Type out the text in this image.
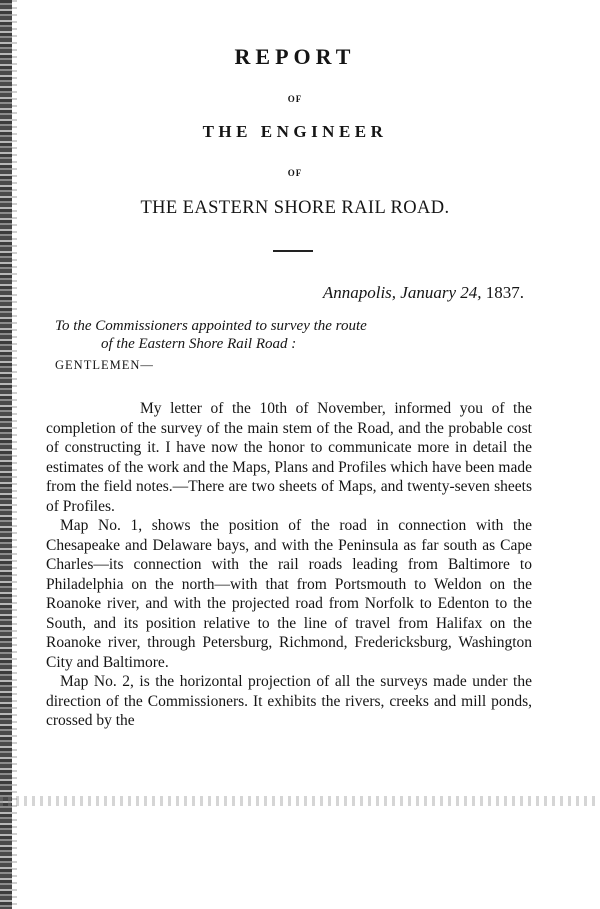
REPORT
OF
THE ENGINEER
OF
THE EASTERN SHORE RAIL ROAD.
Annapolis, January 24, 1837.
To the Commissioners appointed to survey the route
of the Eastern Shore Rail Road :
GENTLEMEN—

My letter of the 10th of November, informed you of the completion of the survey of the main stem of the Road, and the probable cost of constructing it. I have now the honor to communicate more in detail the estimates of the work and the Maps, Plans and Profiles which have been made from the field notes.—There are two sheets of Maps, and twenty-seven sheets of Profiles.

Map No. 1, shows the position of the road in connection with the Chesapeake and Delaware bays, and with the Peninsula as far south as Cape Charles—its connection with the rail roads leading from Baltimore to Philadelphia on the north—with that from Portsmouth to Weldon on the Roanoke river, and with the projected road from Norfolk to Edenton to the South, and its position relative to the line of travel from Halifax on the Roanoke river, through Petersburg, Richmond, Fredericksburg, Washington City and Baltimore.

Map No. 2, is the horizontal projection of all the surveys made under the direction of the Commissioners. It exhibits the rivers, creeks and mill ponds, crossed by the
